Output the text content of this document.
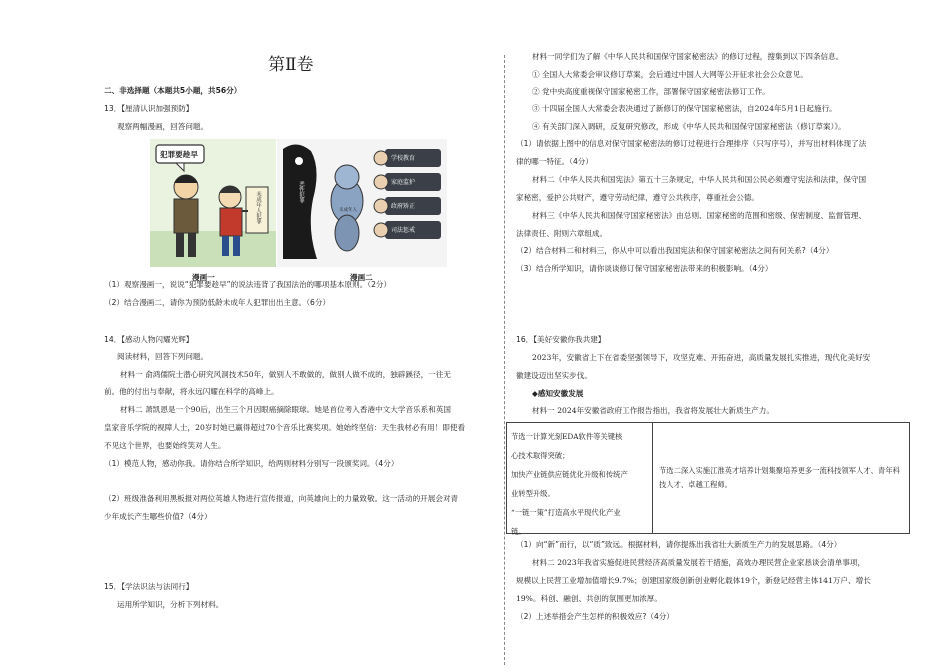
第Ⅱ卷
二、非选择题（本题共5小题，共56分）
13．【厘清认识加强预防】
观察两幅漫画，回答问题。
犯罪要趁早
未成年人犯罪
漫画一
恶性犯罪
未成年人
学校教育
家庭监护
政府矫正
司法惩戒
漫画二
（1）观察漫画一，说说“犯罪要趁早”的说法违背了我国法治的哪项基本原则。（2分）
（2）结合漫画二，请你为预防低龄未成年人犯罪出出主意。（6分）
14．【感动人物闪耀光辉】
阅读材料，回答下列问题。
材料一 俞鸿儒院士潜心研究风洞技术50年，做别人不敢做的，做别人做不成的，独辟蹊径，一往无
前。他的付出与奉献，将永远闪耀在科学的高峰上。
材料二 萧凯恩是一个90后，出生三个月因眼癌摘除眼球。她是首位考入香港中文大学音乐系和英国
皇家音乐学院的视障人士，20岁时她已赢得超过70个音乐比赛奖项。她始终坚信：天生我材必有用！即使看
不见这个世界，也要始终笑对人生。
（1）模范人物，感动你我。请你结合所学知识，给两则材料分别写一段颁奖词。（4分）
（2）班级准备利用黑板报对两位英雄人物进行宣传报道，向英雄向上的力量致敬。这一活动的开展会对青
少年成长产生哪些价值?（4分）
15．【学法识法与法同行】
运用所学知识，分析下列材料。
材料一同学们为了解《中华人民共和国保守国家秘密法》的修订过程，搜集到以下四条信息。
① 全国人大常委会审议修订草案，会后通过中国人大网等公开征求社会公众意见。
② 党中央高度重视保守国家秘密工作，部署保守国家秘密法修订工作。
③ 十四届全国人大常委会表决通过了新修订的保守国家秘密法，自2024年5月1日起施行。
④ 有关部门深入调研，反复研究修改，形成《中华人民共和国保守国家秘密法（修订草案）》。
（1）请依据上图中的信息对保守国家秘密法的修订过程进行合理排序（只写序号），并写出材料体现了法
律的哪一特征。（4分）
材料二《中华人民共和国宪法》第五十三条规定，中华人民共和国公民必须遵守宪法和法律，保守国
家秘密，爱护公共财产，遵守劳动纪律，遵守公共秩序，尊重社会公德。
材料三《中华人民共和国保守国家秘密法》由总则、国家秘密的范围和密级、保密制度、监督管理、
法律责任、附则六章组成。
（2）结合材料二和材料三，你从中可以看出我国宪法和保守国家秘密法之间有何关系?（4分）
（3）结合所学知识，请你谈谈修订保守国家秘密法带来的积极影响。（4分）
16．【美好安徽你我共建】
2023年，安徽省上下在省委坚强领导下，攻坚克难、开拓奋进，高质量发展扎实推进，现代化美好安
徽建设迈出坚实步伐。
◆感知安徽发展
材料一 2024年安徽省政府工作报告指出，我省将发展壮大新质生产力。
节选一计算光刻EDA软件等关键核
心技术取得突破；
加快产业链供应链优化升级和传统产
业转型升级。
“一链一策”打造高水平现代化产业
链。
节选二深入实施江淮英才培养计划集聚培养更多一流科技领军人才、青年科技人才、卓越工程师。
（1）向“新”而行，以“质”致远。根据材料，请你提炼出我省壮大新质生产力的发展思路。（4分）
材料二 2023年我省实施促进民营经济高质量发展若干措施，高效办理民营企业家恳谈会清单事项，
规模以上民营工业增加值增长9.7%；创建国家级创新创业孵化载体19个，新登记经营主体141万户、增长
19%。科创、融创、共创的氛围更加浓厚。
（2）上述举措会产生怎样的积极效应?（4分）
